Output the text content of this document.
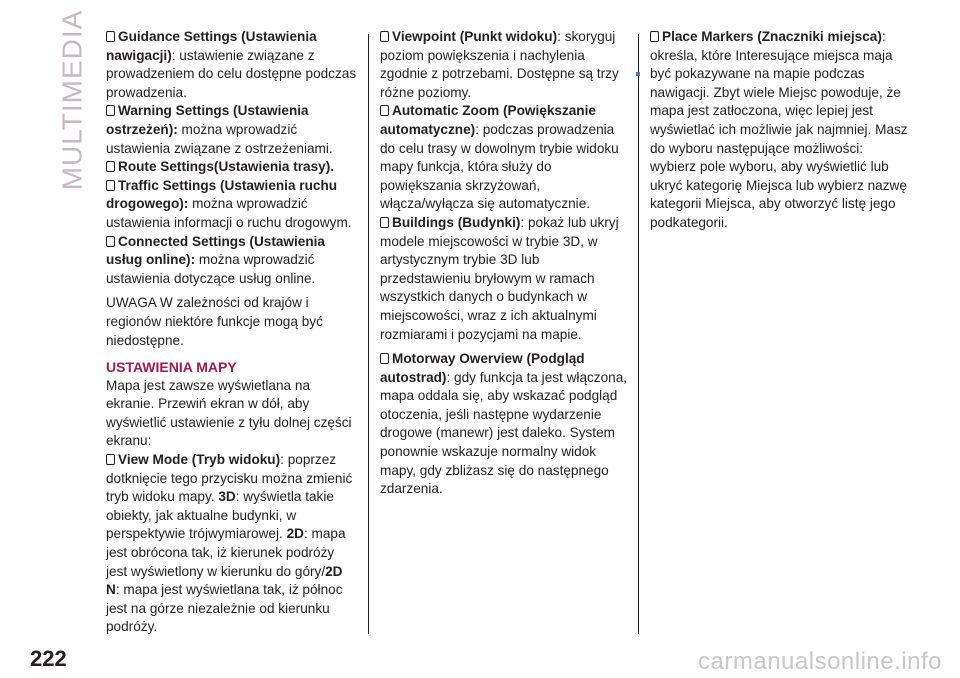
MULTIMEDIA	Guidance Settings (Ustawienia nawigacji): ustawienie związane z prowadzeniem do celu dostępne podczas prowadzenia.

Warning Settings (Ustawienia ostrzeżeń): można wprowadzić ustawienia związane z ostrzeżeniami.

Route Settings(Ustawienia trasy).

Traffic Settings (Ustawienia ruchu drogowego): można wprowadzić ustawienia informacji o ruchu drogowym.

Connected Settings (Ustawienia usług online): można wprowadzić ustawienia dotyczące usług online.

UWAGA W zależności od krajów i regionów niektóre funkcje mogą być niedostępne.

USTAWIENIA MAPY

Mapa jest zawsze wyświetlana na ekranie. Przewiń ekran w dół, aby wyświetlić ustawienie z tyłu dolnej części ekranu:

View Mode (Tryb widoku): poprzez dotknięcie tego przycisku można zmienić tryb widoku mapy. 3D: wyświetla takie obiekty, jak aktualne budynki, w perspektywie trójwymiarowej. 2D: mapa jest obrócona tak, iż kierunek podróży jest wyświetlony w kierunku do góry/2D N: mapa jest wyświetlana tak, iż północ jest na górze niezależnie od kierunku podróży.

Viewpoint (Punkt widoku): skoryguj poziom powiększenia i nachylenia zgodnie z potrzebami. Dostępne są trzy różne poziomy.

Automatic Zoom (Powiększanie automatyczne): podczas prowadzenia do celu trasy w dowolnym trybie widoku mapy funkcja, która służy do powiększania skrzyżowań, włącza/wyłącza się automatycznie.

Buildings (Budynki): pokaż lub ukryj modele miejscowości w trybie 3D, w artystycznym trybie 3D lub przedstawieniu bryłowym w ramach wszystkich danych o budynkach w miejscowości, wraz z ich aktualnymi rozmiarami i pozycjami na mapie.

Motorway Owerview (Podgląd autostrad): gdy funkcja ta jest włączona, mapa oddala się, aby wskazać podgląd otoczenia, jeśli następne wydarzenie drogowe (manewr) jest daleko. System ponownie wskazuje normalny widok mapy, gdy zbliżasz się do następnego zdarzenia.

Place Markers (Znaczniki miejsca): określa, które Interesujące miejsca maja być pokazywane na mapie podczas nawigacji. Zbyt wiele Miejsc powoduje, że mapa jest zatłoczona, więc lepiej jest wyświetlać ich możliwie jak najmniej. Masz do wyboru następujące możliwości: wybierz pole wyboru, aby wyświetlić lub ukryć kategorię Miejsca lub wybierz nazwę kategorii Miejsca, aby otworzyć listę jego podkategorii.

222	carmanualsonline.info
